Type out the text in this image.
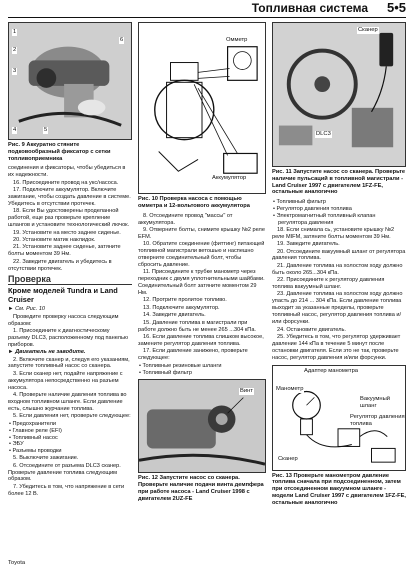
Топливная система 5•5
1
2
3
4	5
6
Рис. 9 Аккуратно стяните подковообразный фиксатор с сетки топливоприемника
соединения и фиксаторы, чтобы убедиться в их надежности.
16. Присоедините провод на укс/насоса.
17. Подключите аккумулятор. Включите зажигание, чтобы создать давление в системе. Убедитесь в отсутствии протечек.
18. Если Вы удостоверены проделанной работой, еще раз проверьте крепление шлангов и установите технологический лючок.
19. Установите на место заднее сиденье.
20. Установите матик наклидок.
21. Установите заднее сиденье, затяните болты моментом 39 Нм.
22. Заведите двигатель и убедитесь в отсутствии протечек.
Проверка
Кроме моделей Tundra и Land Cruiser
► См. Рис. 10
Проведите проверку насоса следующим образом:
1. Присоедините к диагностическому разъему DLC3, расположенному под панелью приборов.
► Двигатель не заводите.
2. Включите сканер и, следуя его указаниям, запустите топливный насос со сканера.
3. Если сканер нет, подайте напряжение с аккумулятора непосредственно на разъем насоса.
4. Проверьте наличие давления топлива во входном топливном шланге. Если давление есть, слышно журчание топлива.
5. Если давления нет, проверьте следующее:
• Предохранители
• Главное реле (EFI)
• Топливный насос
• ЭБУ
• Разъемы проводки
5. Выключите зажигание.
6. Отсоедините от разъема DLC3 сканер. Проверьте давление топлива следующим образом.
7. Убедитесь в том, что напряжение в сети более 12 В.
Омметр
Аккумулятор
Рис. 10 Проверка насоса с помощью омметра и 12-вольтового аккумулятора
8. Отсоедините провод "массы" от аккумулятора.
9. Отверните болты, снимите крышку №2 реле EFM.
10. Обратите соединение (фиттинг) питающей топливной магистрали ветошью и наспешно отверните соединительный болт, чтобы сбросить давление.
11. Присоедините к трубке манометр через переходник с двумя уплотнительными шайбами. Соединительный болт затяните моментом 29 Нм.
12. Протрите пролитое топливо.
13. Подключите аккумулятор.
14. Заведите двигатель.
15. Давление топлива в магистрали при работе должно быть не менее 265 ...304 кПа.
16. Если давление топлива слишком высокое, замените регулятор давления топлива.
17. Если давление занижено, проверьте следующее:
• Топливные резиновые шланги
• Топливный фильтр
Винт
Рис. 12 Запустите насос со сканера. Проверьте наличие подачи винта демпфера при работе насоса - Land Cruiser 1998 с двигателем 2UZ-FE
Сканер
DLC3
Рис. 11 Запустите насос со сканера. Проверьте наличие пульсаций в топливной магистрали - Land Cruiser 1997 с двигателем 1FZ-FE, остальные аналогично
• Топливный фильтр
• Регулятор давления топлива
• Электромагнитный топливный клапан регулятора давления
18. Если снимала сь, установите крышку №2 реле MIFM, затяните болты моментом 39 Нм.
19. Заведите двигатель.
20. Отсоедините вакуумный шланг от регулятора давления топлива.
21. Давление топлива на холостом ходу должно быть около 265...304 кПа.
22. Присоедините к регулятору давления топлива вакуумный шланг.
23. Давление топлива на холостом ходу должно упасть до 214 ... 304 кПа. Если давление топлива выходит за указанные пределы, проверьте топливный насос, регулятор давления топлива и/или форсунки.
24. Остановите двигатель.
25. Убедитесь в том, что регулятор удерживает давление 144 кПа в течение 5 минут после остановки двигателя. Если это не так, проверьте насос, регулятор давления и/или форсунки.
Адаптер манометра
Манометр
Вакуумный шланг
Регулятор давления топлива
Сканер
Рис. 13 Проверьте манометром давление топлива сначала при подсоединенном, затем при отсоединенном вакуумном шланге - модели Land Cruiser 1997 с двигателем 1FZ-FE, остальные аналогично
Toyota
